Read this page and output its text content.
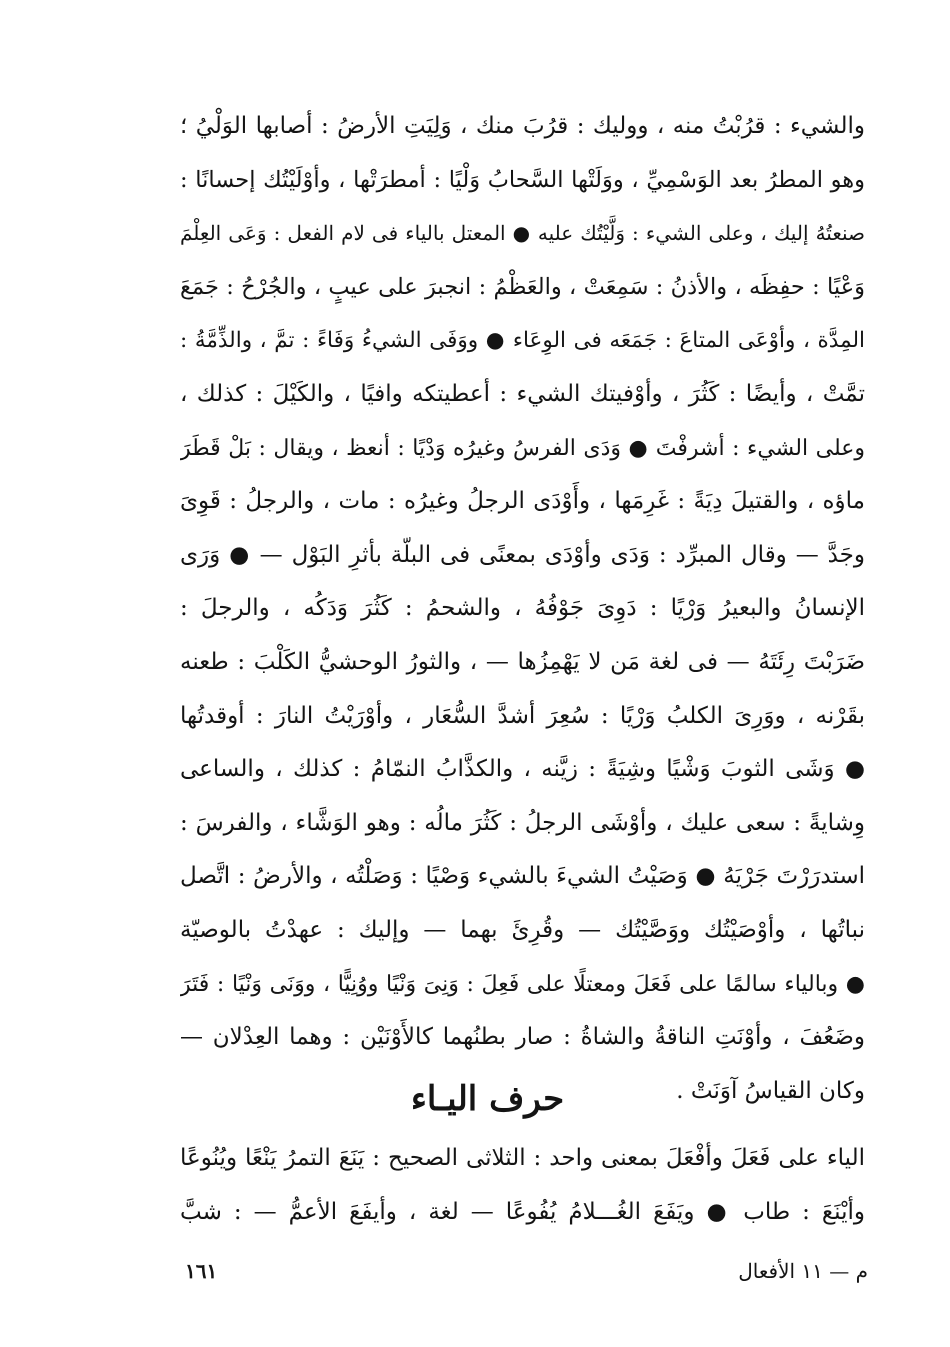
والشيء : قرُبْتُ منه ، ووليك : قرُبَ منك ، وَلِيَتِ الأرضُ : أصابها الوَلْيُ ؛
وهو المطرُ بعد الوَسْمِيِّ ، ووَلَتْها السَّحابُ وَلْيًا : أمطرَتْها ، وأوْلَيْتُك إحسانًا :
صنعتُهُ إليك ، وعلى الشيء : وَلَّيْتُك عليه ● المعتل بالياء فى لام الفعل : وَعَى العِلْمَ
وَعْيًا : حفِظَه ، والأذنُ : سَمِعَتْ ، والعَظْمُ : انجبرَ على عيبٍ ، والجُرْحُ : جَمَعَ
المِدَّة ، وأوْعَى المتاعَ : جَمَعَه فى الوِعَاء ● ووَفَى الشيءُ وَفَاءً : تمَّ ، والذِّمَّةُ :
تمَّتْ ، وأيضًا : كَثُرَ ، وأوْفيتك الشيء : أعطيتكه وافيًا ، والكَيْلَ : كذلك ،
وعلى الشيء : أشرفْتَ ● وَدَى الفرسُ وغيرُه وَدْيًا : أنعظ ، ويقال : بَلْ قَطَرَ
ماؤه ، والقتيلَ دِيَةً : غَرِمَها ، وأَوْدَى الرجلُ وغيرُه : مات ، والرجلُ : قَوِىَ
وجَدَّ — وقال المبرِّد : وَدَى وأوْدَى بمعنًى فى البلّة بأثرِ البَوْل — ● وَرَى
الإنسانُ والبعيرُ وَرْيًا : دَوِىَ جَوْفُهُ ، والشحمُ : كَثُرَ وَدَكُه ، والرجلَ :
ضَرَبْتَ رِئَتَهُ — فى لغة مَن لا يَهْمِزُها — ، والثورُ الوحشيُّ الكَلْبَ : طعنه
بقَرْنه ، ووَرِىَ الكلبُ وَرْيًا : سُعِرَ أشدَّ السُّعَار ، وأوْرَيْتُ النارَ : أوقدتُها
● وَشَى الثوبَ وَشْيًا وشِيَةً : زيَّنه ، والكذَّابُ النمّامُ : كذلك ، والساعى
وِشايةً : سعى عليك ، وأوْشَى الرجلُ : كَثُرَ مالُه : وهو الوَشَّاء ، والفرسَ :
استدرَرْتَ جَرْيَهُ ● وَصَيْتُ الشيءَ بالشيء وَصْيًا : وَصَلْتُه ، والأرضُ : اتَّصل
نباتُها ، وأوْصَيْتُك ووَصَّيْتُك — وقُرِئَ بهما — وإليك : عهدْتُ بالوصيّة
● وبالياء سالمًا على فَعَلَ ومعتلًا على فَعِلَ : وَنِىَ وَنْيًا ووُنِيًّا ، ووَنَى وَنْيًا : فَتَرَ
وضَعُفَ ، وأوْنَتِ الناقةُ والشاةُ : صار بطنُهما كالأَوْنَيْن : وهما العِدْلان —
وكان القياسُ آوَنَتْ .
حرف اليـاء
الياء على فَعَلَ وأفْعَلَ بمعنى واحد : الثلاثى الصحيح : يَنَعَ التمرُ يَنْعًا ويُنُوعًا
وأيْنَعَ : طاب ● ويَفَعَ الغُـــلامُ يُفُوعًا — لغة ، وأيفَعَ الأعمُّ — : شبَّ
م — ١١ الأفعال
١٦١
